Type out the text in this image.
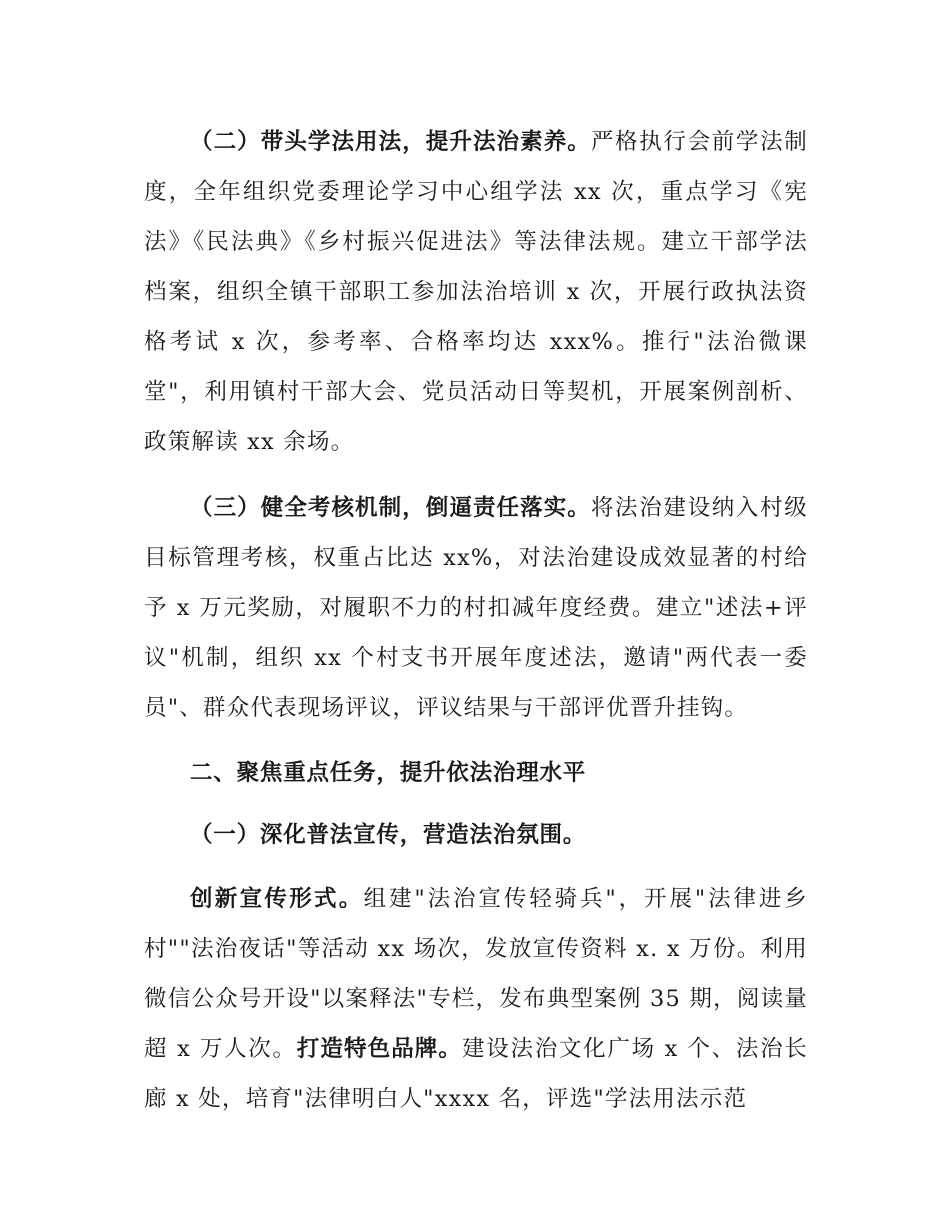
（二）带头学法用法，提升法治素养。严格执行会前学法制度，全年组织党委理论学习中心组学法 xx 次，重点学习《宪法》《民法典》《乡村振兴促进法》等法律法规。建立干部学法档案，组织全镇干部职工参加法治培训 x 次，开展行政执法资格考试 x 次，参考率、合格率均达 xxx%。推行"法治微课堂"，利用镇村干部大会、党员活动日等契机，开展案例剖析、政策解读 xx 余场。

（三）健全考核机制，倒逼责任落实。将法治建设纳入村级目标管理考核，权重占比达 xx%，对法治建设成效显著的村给予 x 万元奖励，对履职不力的村扣减年度经费。建立"述法+评议"机制，组织 xx 个村支书开展年度述法，邀请"两代表一委员"、群众代表现场评议，评议结果与干部评优晋升挂钩。

二、聚焦重点任务，提升依法治理水平

（一）深化普法宣传，营造法治氛围。

创新宣传形式。组建"法治宣传轻骑兵"，开展"法律进乡村""法治夜话"等活动 xx 场次，发放宣传资料 x. x 万份。利用微信公众号开设"以案释法"专栏，发布典型案例 35 期，阅读量超 x 万人次。打造特色品牌。建设法治文化广场 x 个、法治长廊 x 处，培育"法律明白人"xxxx 名，评选"学法用法示范
